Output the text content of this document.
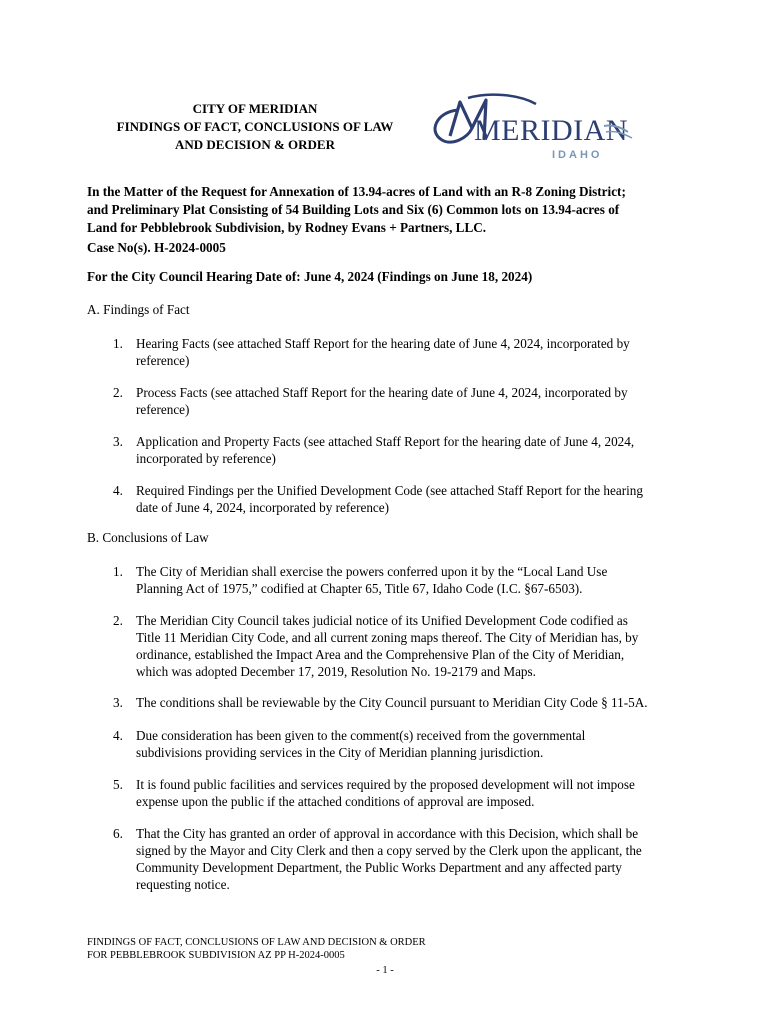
CITY OF MERIDIAN
FINDINGS OF FACT, CONCLUSIONS OF LAW
AND DECISION & ORDER	MERIDIAN
IDAHO
In the Matter of the Request for Annexation of 13.94-acres of Land with an R-8 Zoning District;
and Preliminary Plat Consisting of 54 Building Lots and Six (6) Common lots on 13.94-acres of
Land for Pebblebrook Subdivision, by Rodney Evans + Partners, LLC.
Case No(s). H-2024-0005
For the City Council Hearing Date of: June 4, 2024 (Findings on June 18, 2024)
A. Findings of Fact
1. Hearing Facts (see attached Staff Report for the hearing date of June 4, 2024, incorporated by
reference)
2. Process Facts (see attached Staff Report for the hearing date of June 4, 2024, incorporated by
reference)
3. Application and Property Facts (see attached Staff Report for the hearing date of June 4, 2024,
incorporated by reference)
4. Required Findings per the Unified Development Code (see attached Staff Report for the hearing
date of June 4, 2024, incorporated by reference)
B. Conclusions of Law
1. The City of Meridian shall exercise the powers conferred upon it by the “Local Land Use
Planning Act of 1975,” codified at Chapter 65, Title 67, Idaho Code (I.C. §67-6503).
2. The Meridian City Council takes judicial notice of its Unified Development Code codified as
Title 11 Meridian City Code, and all current zoning maps thereof. The City of Meridian has, by
ordinance, established the Impact Area and the Comprehensive Plan of the City of Meridian,
which was adopted December 17, 2019, Resolution No. 19-2179 and Maps.
3. The conditions shall be reviewable by the City Council pursuant to Meridian City Code § 11-5A.
4. Due consideration has been given to the comment(s) received from the governmental
subdivisions providing services in the City of Meridian planning jurisdiction.
5. It is found public facilities and services required by the proposed development will not impose
expense upon the public if the attached conditions of approval are imposed.
6. That the City has granted an order of approval in accordance with this Decision, which shall be
signed by the Mayor and City Clerk and then a copy served by the Clerk upon the applicant, the
Community Development Department, the Public Works Department and any affected party
requesting notice.
FINDINGS OF FACT, CONCLUSIONS OF LAW AND DECISION & ORDER
FOR PEBBLEBROOK SUBDIVISION AZ PP H-2024-0005
- 1 -
